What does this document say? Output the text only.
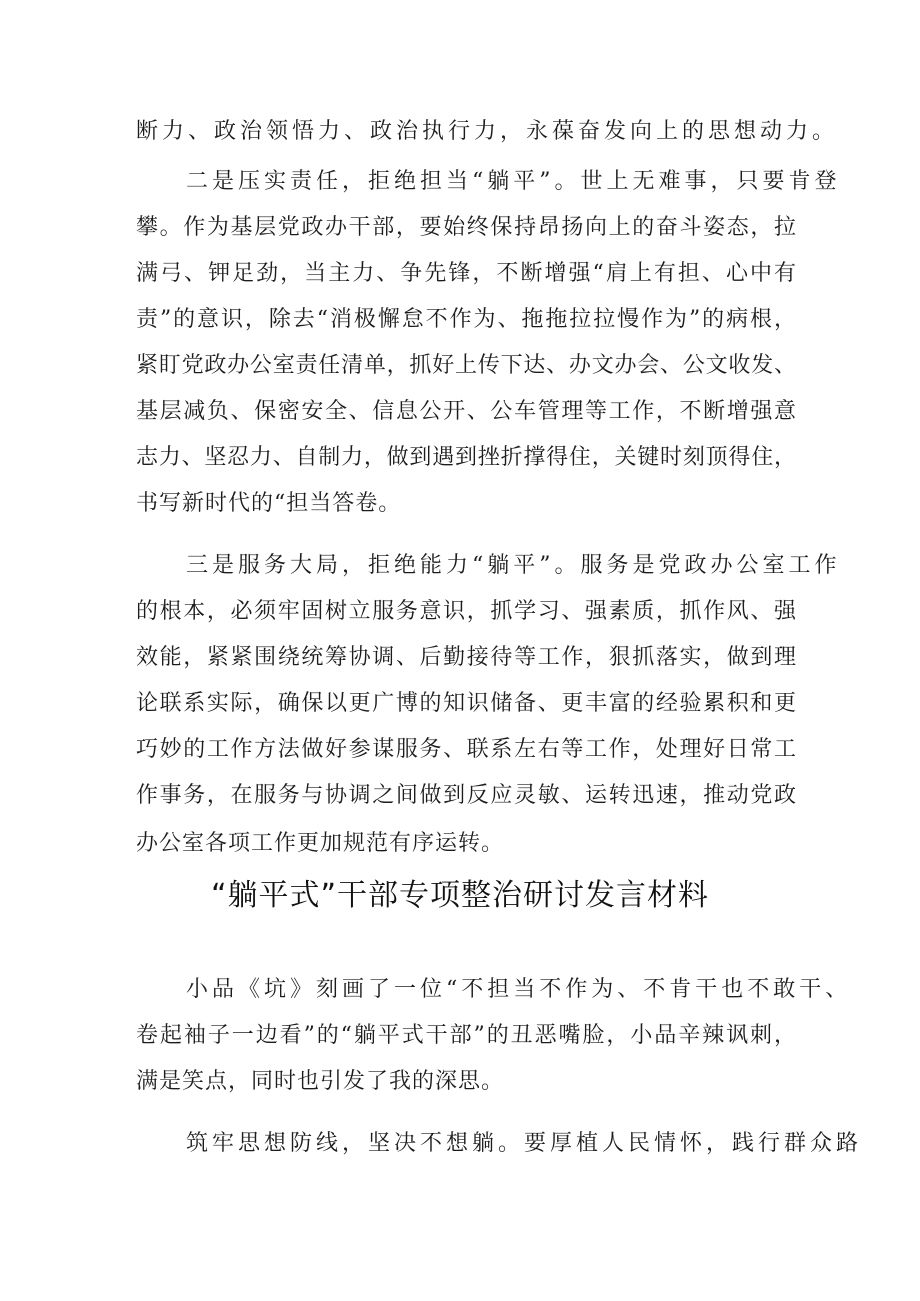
断力、政治领悟力、政治执行力，永葆奋发向上的思想动力。
二是压实责任，拒绝担当“躺平”。世上无难事，只要肯登
攀。作为基层党政办干部，要始终保持昂扬向上的奋斗姿态，拉
满弓、钾足劲，当主力、争先锋，不断增强“肩上有担、心中有
责”的意识，除去“消极懈怠不作为、拖拖拉拉慢作为”的病根，
紧盯党政办公室责任清单，抓好上传下达、办文办会、公文收发、
基层减负、保密安全、信息公开、公车管理等工作，不断增强意
志力、坚忍力、自制力，做到遇到挫折撑得住，关键时刻顶得住，
书写新时代的“担当答卷。
三是服务大局，拒绝能力“躺平”。服务是党政办公室工作
的根本，必须牢固树立服务意识，抓学习、强素质，抓作风、强
效能，紧紧围绕统筹协调、后勤接待等工作，狠抓落实，做到理
论联系实际，确保以更广博的知识储备、更丰富的经验累积和更
巧妙的工作方法做好参谋服务、联系左右等工作，处理好日常工
作事务，在服务与协调之间做到反应灵敏、运转迅速，推动党政
办公室各项工作更加规范有序运转。
“躺平式”干部专项整治研讨发言材料
小品《坑》刻画了一位“不担当不作为、不肯干也不敢干、
卷起袖子一边看”的“躺平式干部”的丑恶嘴脸，小品辛辣讽刺，
满是笑点，同时也引发了我的深思。
筑牢思想防线，坚决不想躺。要厚植人民情怀，践行群众路
